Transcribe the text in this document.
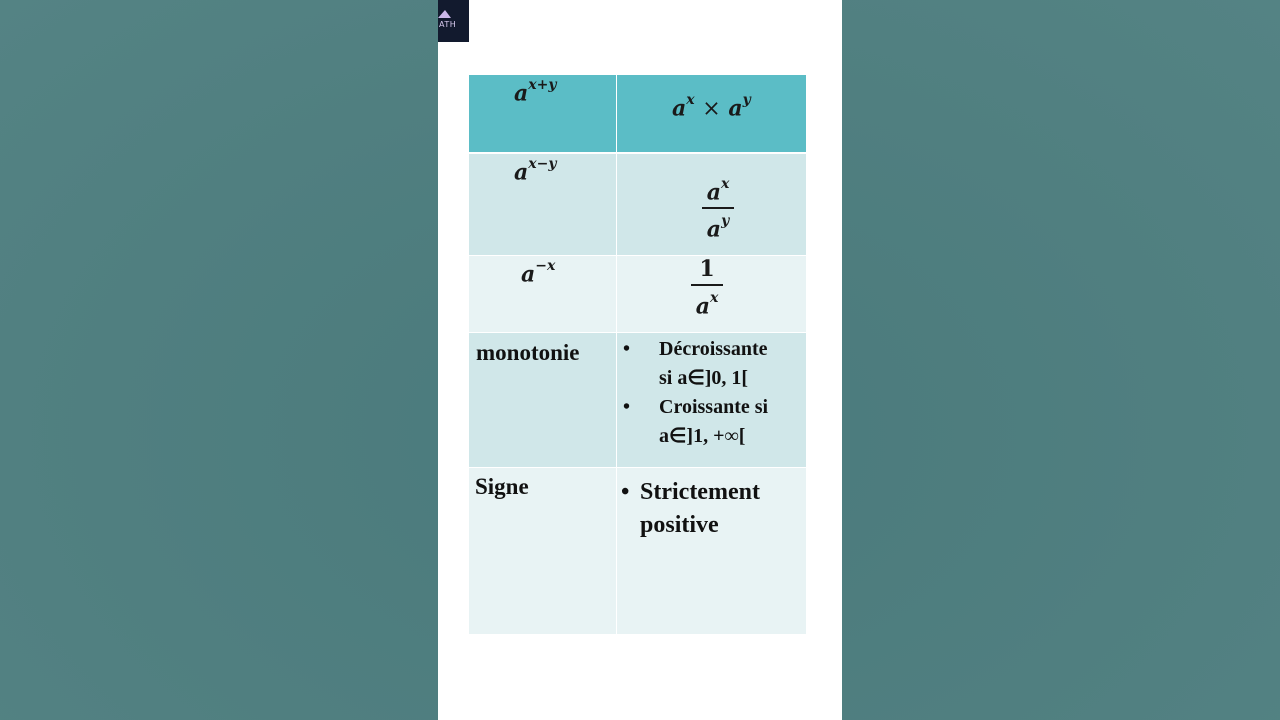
ATH
$a^{x+y}$
$a^x \times a^y$
$a^{x-y}$
$a^x$
$a^y$
$a^{-x}$	1
$a^x$
monotonie • Décroissante
si a∈]0, 1[
• Croissante si
a∈]1, +∞[
Signe	• Strictement
positive
